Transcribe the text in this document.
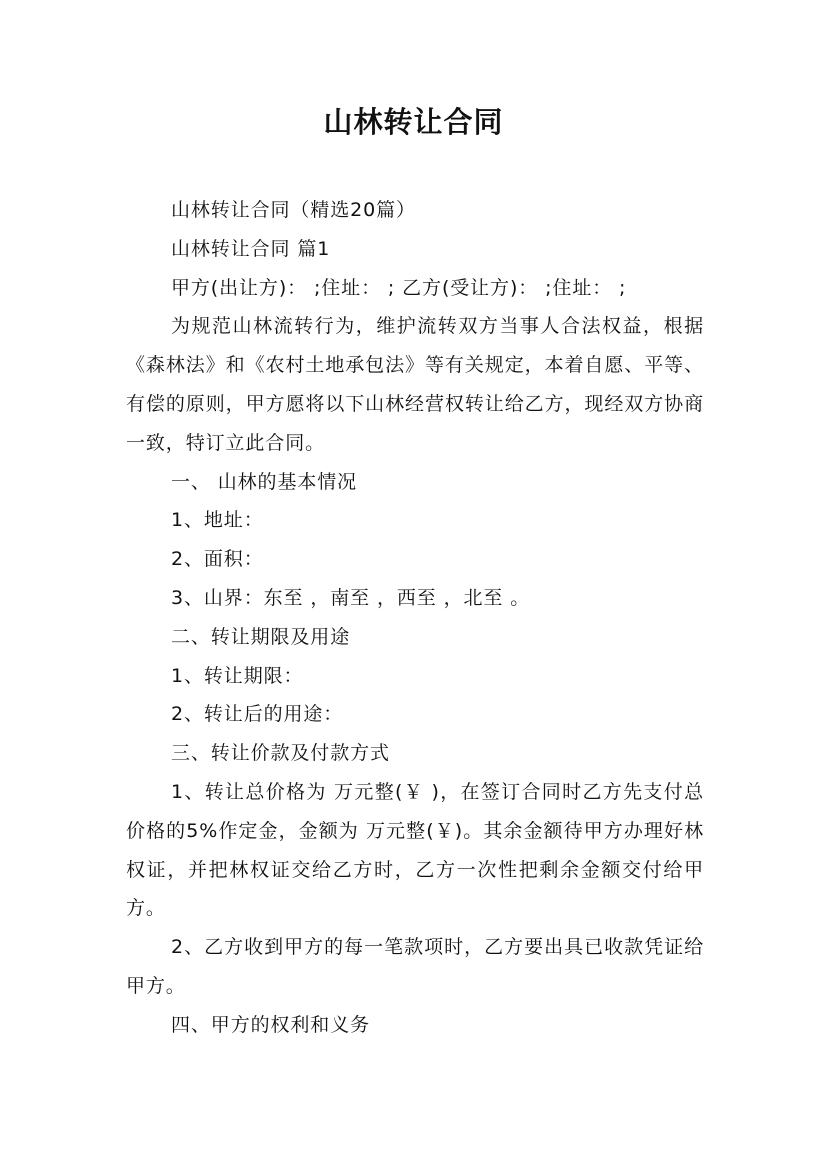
山林转让合同

山林转让合同（精选20篇）

山林转让合同 篇1

甲方(出让方)： ;住址： ; 乙方(受让方)： ;住址： ;

为规范山林流转行为，维护流转双方当事人合法权益，根据《森林法》和《农村土地承包法》等有关规定，本着自愿、平等、有偿的原则，甲方愿将以下山林经营权转让给乙方，现经双方协商一致，特订立此合同。

一、 山林的基本情况

1、地址：

2、面积：

3、山界：东至 ，南至 ，西至 ，北至 。

二、转让期限及用途

1、转让期限：

2、转让后的用途：

三、转让价款及付款方式

1、转让总价格为 万元整(￥ )，在签订合同时乙方先支付总价格的5%作定金，金额为 万元整(￥)。其余金额待甲方办理好林权证，并把林权证交给乙方时，乙方一次性把剩余金额交付给甲方。

2、乙方收到甲方的每一笔款项时，乙方要出具已收款凭证给甲方。

四、甲方的权利和义务
